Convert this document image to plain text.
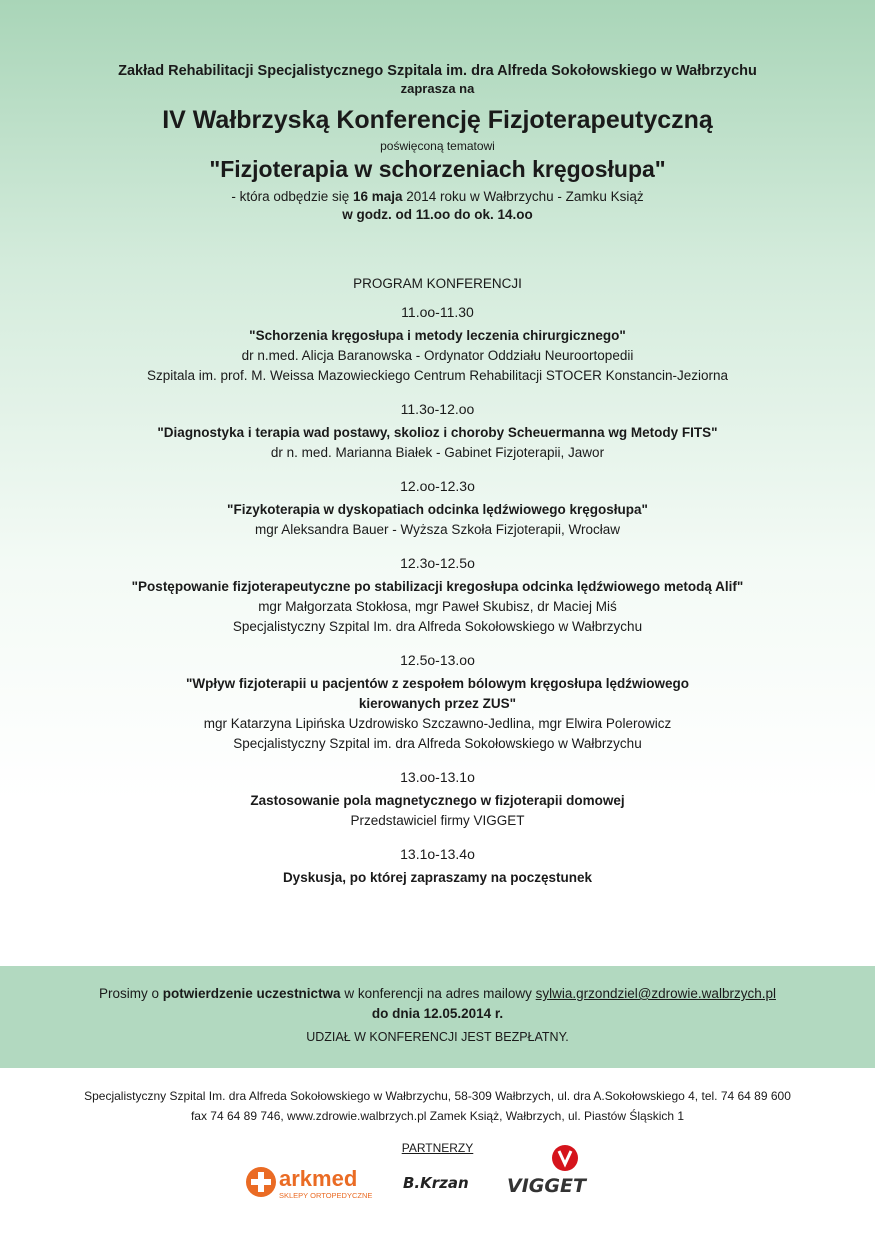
Zakład Rehabilitacji Specjalistycznego Szpitala im. dra Alfreda Sokołowskiego w Wałbrzychu
zaprasza na
IV Wałbrzyską Konferencję Fizjoterapeutyczną
poświęconą tematowi
"Fizjoterapia w schorzeniach kręgosłupa"
- która odbędzie się 16 maja 2014 roku w Wałbrzychu - Zamku Książ
w godz. od 11.oo do ok. 14.oo
PROGRAM KONFERENCJI
11.oo-11.30
"Schorzenia kręgosłupa i metody leczenia chirurgicznego"
dr n.med. Alicja Baranowska - Ordynator Oddziału Neuroortopedii
Szpitala im. prof. M. Weissa Mazowieckiego Centrum Rehabilitacji STOCER Konstancin-Jeziorna
11.3o-12.oo
"Diagnostyka i terapia wad postawy, skolioz i choroby Scheuermanna wg Metody FITS"
dr n. med. Marianna Białek - Gabinet Fizjoterapii, Jawor
12.oo-12.3o
"Fizykoterapia w dyskopatiach odcinka lędźwiowego kręgosłupa"
mgr Aleksandra Bauer - Wyższa Szkoła Fizjoterapii, Wrocław
12.3o-12.5o
"Postępowanie fizjoterapeutyczne po stabilizacji kregosłupa odcinka lędźwiowego metodą Alif"
mgr Małgorzata Stokłosa, mgr Paweł Skubisz, dr Maciej Miś
Specjalistyczny Szpital Im. dra Alfreda Sokołowskiego w Wałbrzychu
12.5o-13.oo
"Wpływ fizjoterapii u pacjentów z zespołem bólowym kręgosłupa lędźwiowego
kierowanych przez ZUS"
mgr Katarzyna Lipińska Uzdrowisko Szczawno-Jedlina, mgr Elwira Polerowicz
Specjalistyczny Szpital im. dra Alfreda Sokołowskiego w Wałbrzychu
13.oo-13.1o
Zastosowanie pola magnetycznego w fizjoterapii domowej
Przedstawiciel firmy VIGGET
13.1o-13.4o
Dyskusja, po której zapraszamy na poczęstunek
Prosimy o potwierdzenie uczestnictwa w konferencji na adres mailowy sylwia.grzondziel@zdrowie.walbrzych.pl
do dnia 12.05.2014 r.
UDZIAŁ W KONFERENCJI JEST BEZPŁATNY.
Specjalistyczny Szpital Im. dra Alfreda Sokołowskiego w Wałbrzychu, 58-309 Wałbrzych, ul. dra A.Sokołowskiego 4, tel. 74 64 89 600
fax 74 64 89 746, www.zdrowie.walbrzych.pl Zamek Książ, Wałbrzych, ul. Piastów Śląskich 1
PARTNERZY
arkmed
SKLEPY ORTOPEDYCZNE
B.Krzan VIGGET
